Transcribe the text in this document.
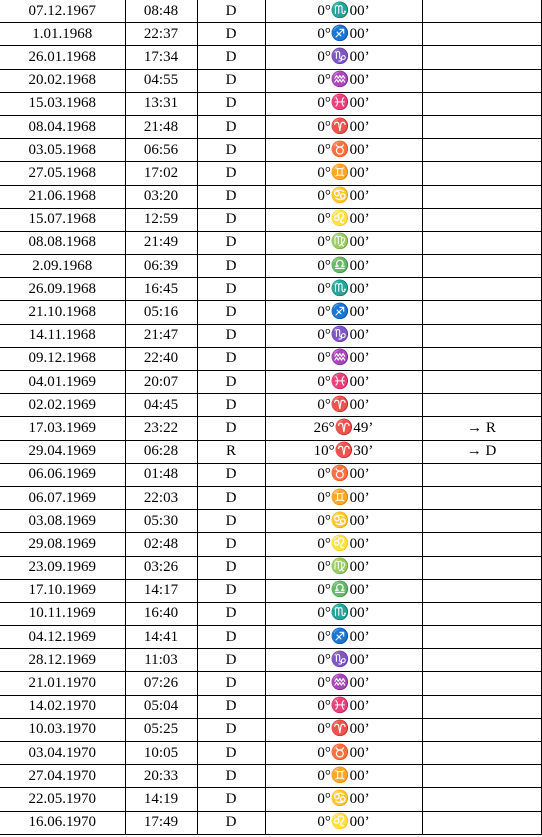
07.12.1967	08:48	D	0°♏00’	
1.01.1968	22:37	D	0°♐00’	
26.01.1968	17:34	D	0°♑00’	
20.02.1968	04:55	D	0°♒00’	
15.03.1968	13:31	D	0°♓00’	
08.04.1968	21:48	D	0°♈00’	
03.05.1968	06:56	D	0°♉00’	
27.05.1968	17:02	D	0°♊00’	
21.06.1968	03:20	D	0°♋00’	
15.07.1968	12:59	D	0°♌00’	
08.08.1968	21:49	D	0°♍00’	
2.09.1968	06:39	D	0°♎00’	
26.09.1968	16:45	D	0°♏00’	
21.10.1968	05:16	D	0°♐00’	
14.11.1968	21:47	D	0°♑00’	
09.12.1968	22:40	D	0°♒00’	
04.01.1969	20:07	D	0°♓00’	
02.02.1969	04:45	D	0°♈00’	
17.03.1969	23:22	D	26°♈49’	→ R
29.04.1969	06:28	R	10°♈30’	→ D
06.06.1969	01:48	D	0°♉00’	
06.07.1969	22:03	D	0°♊00’	
03.08.1969	05:30	D	0°♋00’	
29.08.1969	02:48	D	0°♌00’	
23.09.1969	03:26	D	0°♍00’	
17.10.1969	14:17	D	0°♎00’	
10.11.1969	16:40	D	0°♏00’	
04.12.1969	14:41	D	0°♐00’	
28.12.1969	11:03	D	0°♑00’	
21.01.1970	07:26	D	0°♒00’	
14.02.1970	05:04	D	0°♓00’	
10.03.1970	05:25	D	0°♈00’	
03.04.1970	10:05	D	0°♉00’	
27.04.1970	20:33	D	0°♊00’	
22.05.1970	14:19	D	0°♋00’	
16.06.1970	17:49	D	0°♌00’	
